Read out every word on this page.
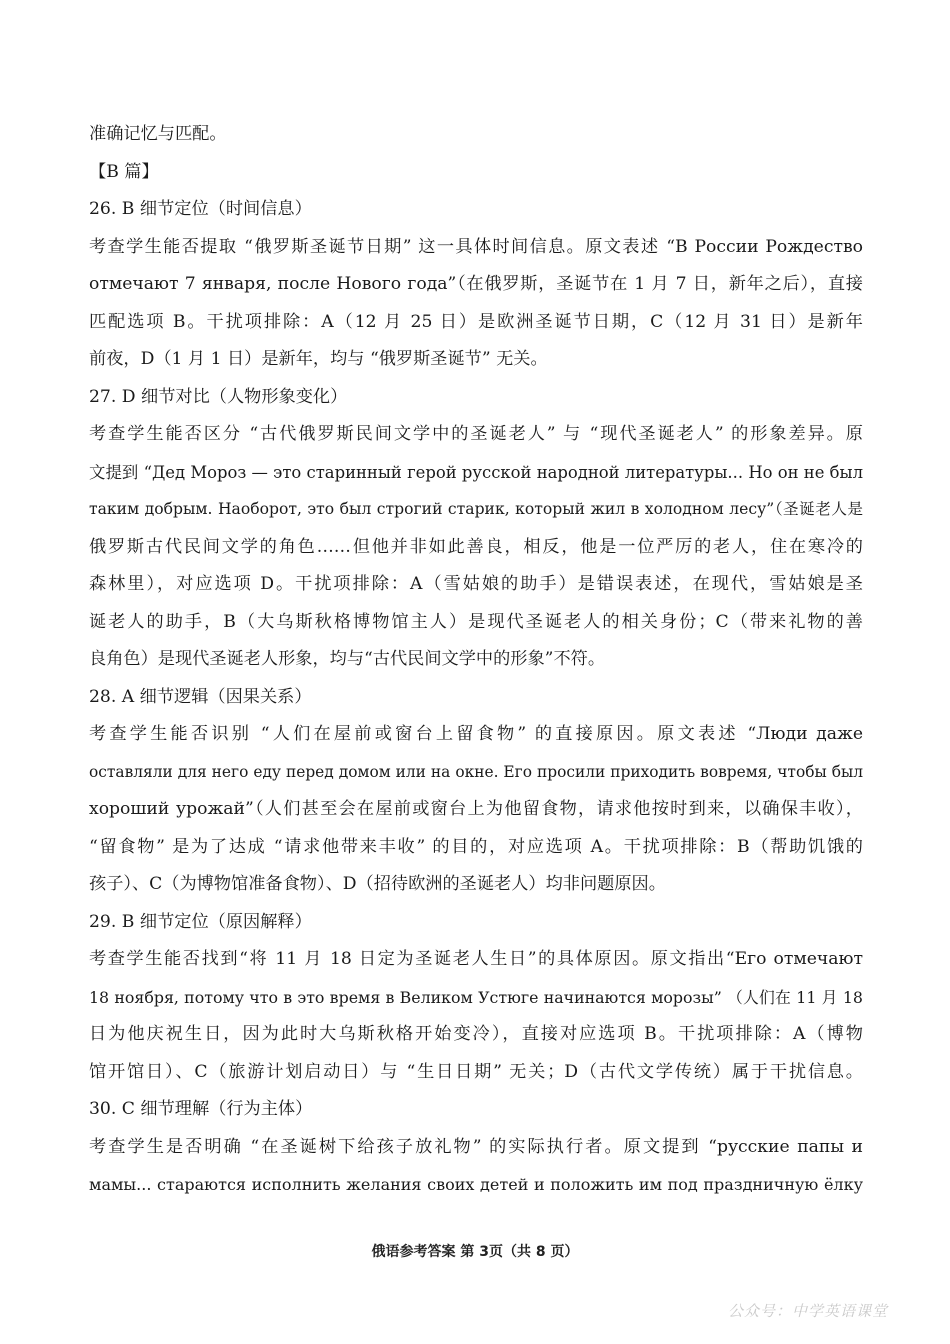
准确记忆与匹配。
【B 篇】
26. B 细节定位（时间信息）
考查学生能否提取 “俄罗斯圣诞节日期” 这一具体时间信息。原文表述 “В России Рождество
отмечают 7 января, после Нового года”（在俄罗斯，圣诞节在 1 月 7 日，新年之后），直接
匹配选项 B。干扰项排除：A（12 月 25 日）是欧洲圣诞节日期，C（12 月 31 日）是新年
前夜，D（1 月 1 日）是新年，均与 “俄罗斯圣诞节” 无关。
27. D 细节对比（人物形象变化）
考查学生能否区分 “古代俄罗斯民间文学中的圣诞老人” 与 “现代圣诞老人” 的形象差异。原
文提到 “Дед Мороз — это старинный герой русской народной литературы... Но он не был
таким добрым. Наоборот, это был строгий старик, который жил в холодном лесу”（圣诞老人是
俄罗斯古代民间文学的角色……但他并非如此善良，相反，他是一位严厉的老人，住在寒冷的
森林里），对应选项 D。干扰项排除：A（雪姑娘的助手）是错误表述，在现代，雪姑娘是圣
诞老人的助手，B（大乌斯秋格博物馆主人）是现代圣诞老人的相关身份；C（带来礼物的善
良角色）是现代圣诞老人形象，均与“古代民间文学中的形象”不符。
28. A 细节逻辑（因果关系）
考查学生能否识别 “人们在屋前或窗台上留食物” 的直接原因。原文表述 “Люди даже
оставляли для него еду перед домом или на окне. Его просили приходить вовремя, чтобы был
хороший урожай”（人们甚至会在屋前或窗台上为他留食物，请求他按时到来，以确保丰收），
“留食物” 是为了达成 “请求他带来丰收” 的目的，对应选项 A。干扰项排除：B（帮助饥饿的
孩子）、C（为博物馆准备食物）、D（招待欧洲的圣诞老人）均非问题原因。
29. B 细节定位（原因解释）
考查学生能否找到“将 11 月 18 日定为圣诞老人生日”的具体原因。原文指出“Его отмечают
18 ноября, потому что в это время в Великом Устюге начинаются морозы” （人们在 11 月 18
日为他庆祝生日，因为此时大乌斯秋格开始变冷），直接对应选项 B。干扰项排除：A（博物
馆开馆日）、C（旅游计划启动日）与 “生日日期” 无关；D（古代文学传统）属于干扰信息。
30. C 细节理解（行为主体）
考查学生是否明确 “在圣诞树下给孩子放礼物” 的实际执行者。原文提到 “русские папы и
мамы... стараются исполнить желания своих детей и положить им под праздничную ёлку
俄语参考答案 第 3页（共 8 页）
公众号：中学英语课堂
